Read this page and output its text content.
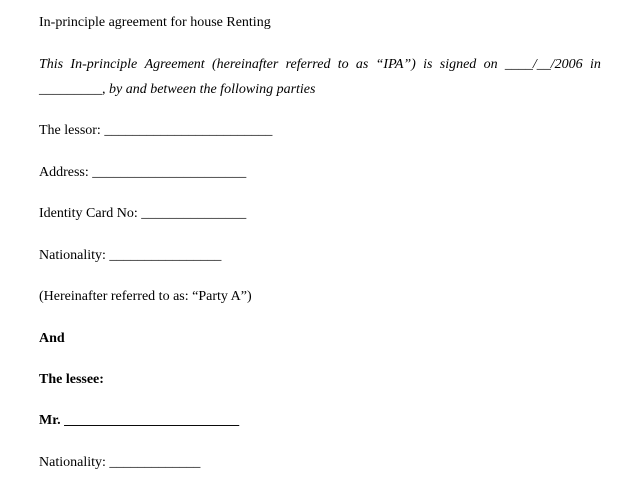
In-principle agreement for house Renting
This In-principle Agreement (hereinafter referred to as “IPA”) is signed on ____/__/2006 in
_________, by and between the following parties
The lessor: ________________________
Address: ______________________
Identity Card No: _______________
Nationality: ________________
(Hereinafter referred to as: “Party A”)
And
The lessee:
Mr. _________________________
Nationality: _____________
